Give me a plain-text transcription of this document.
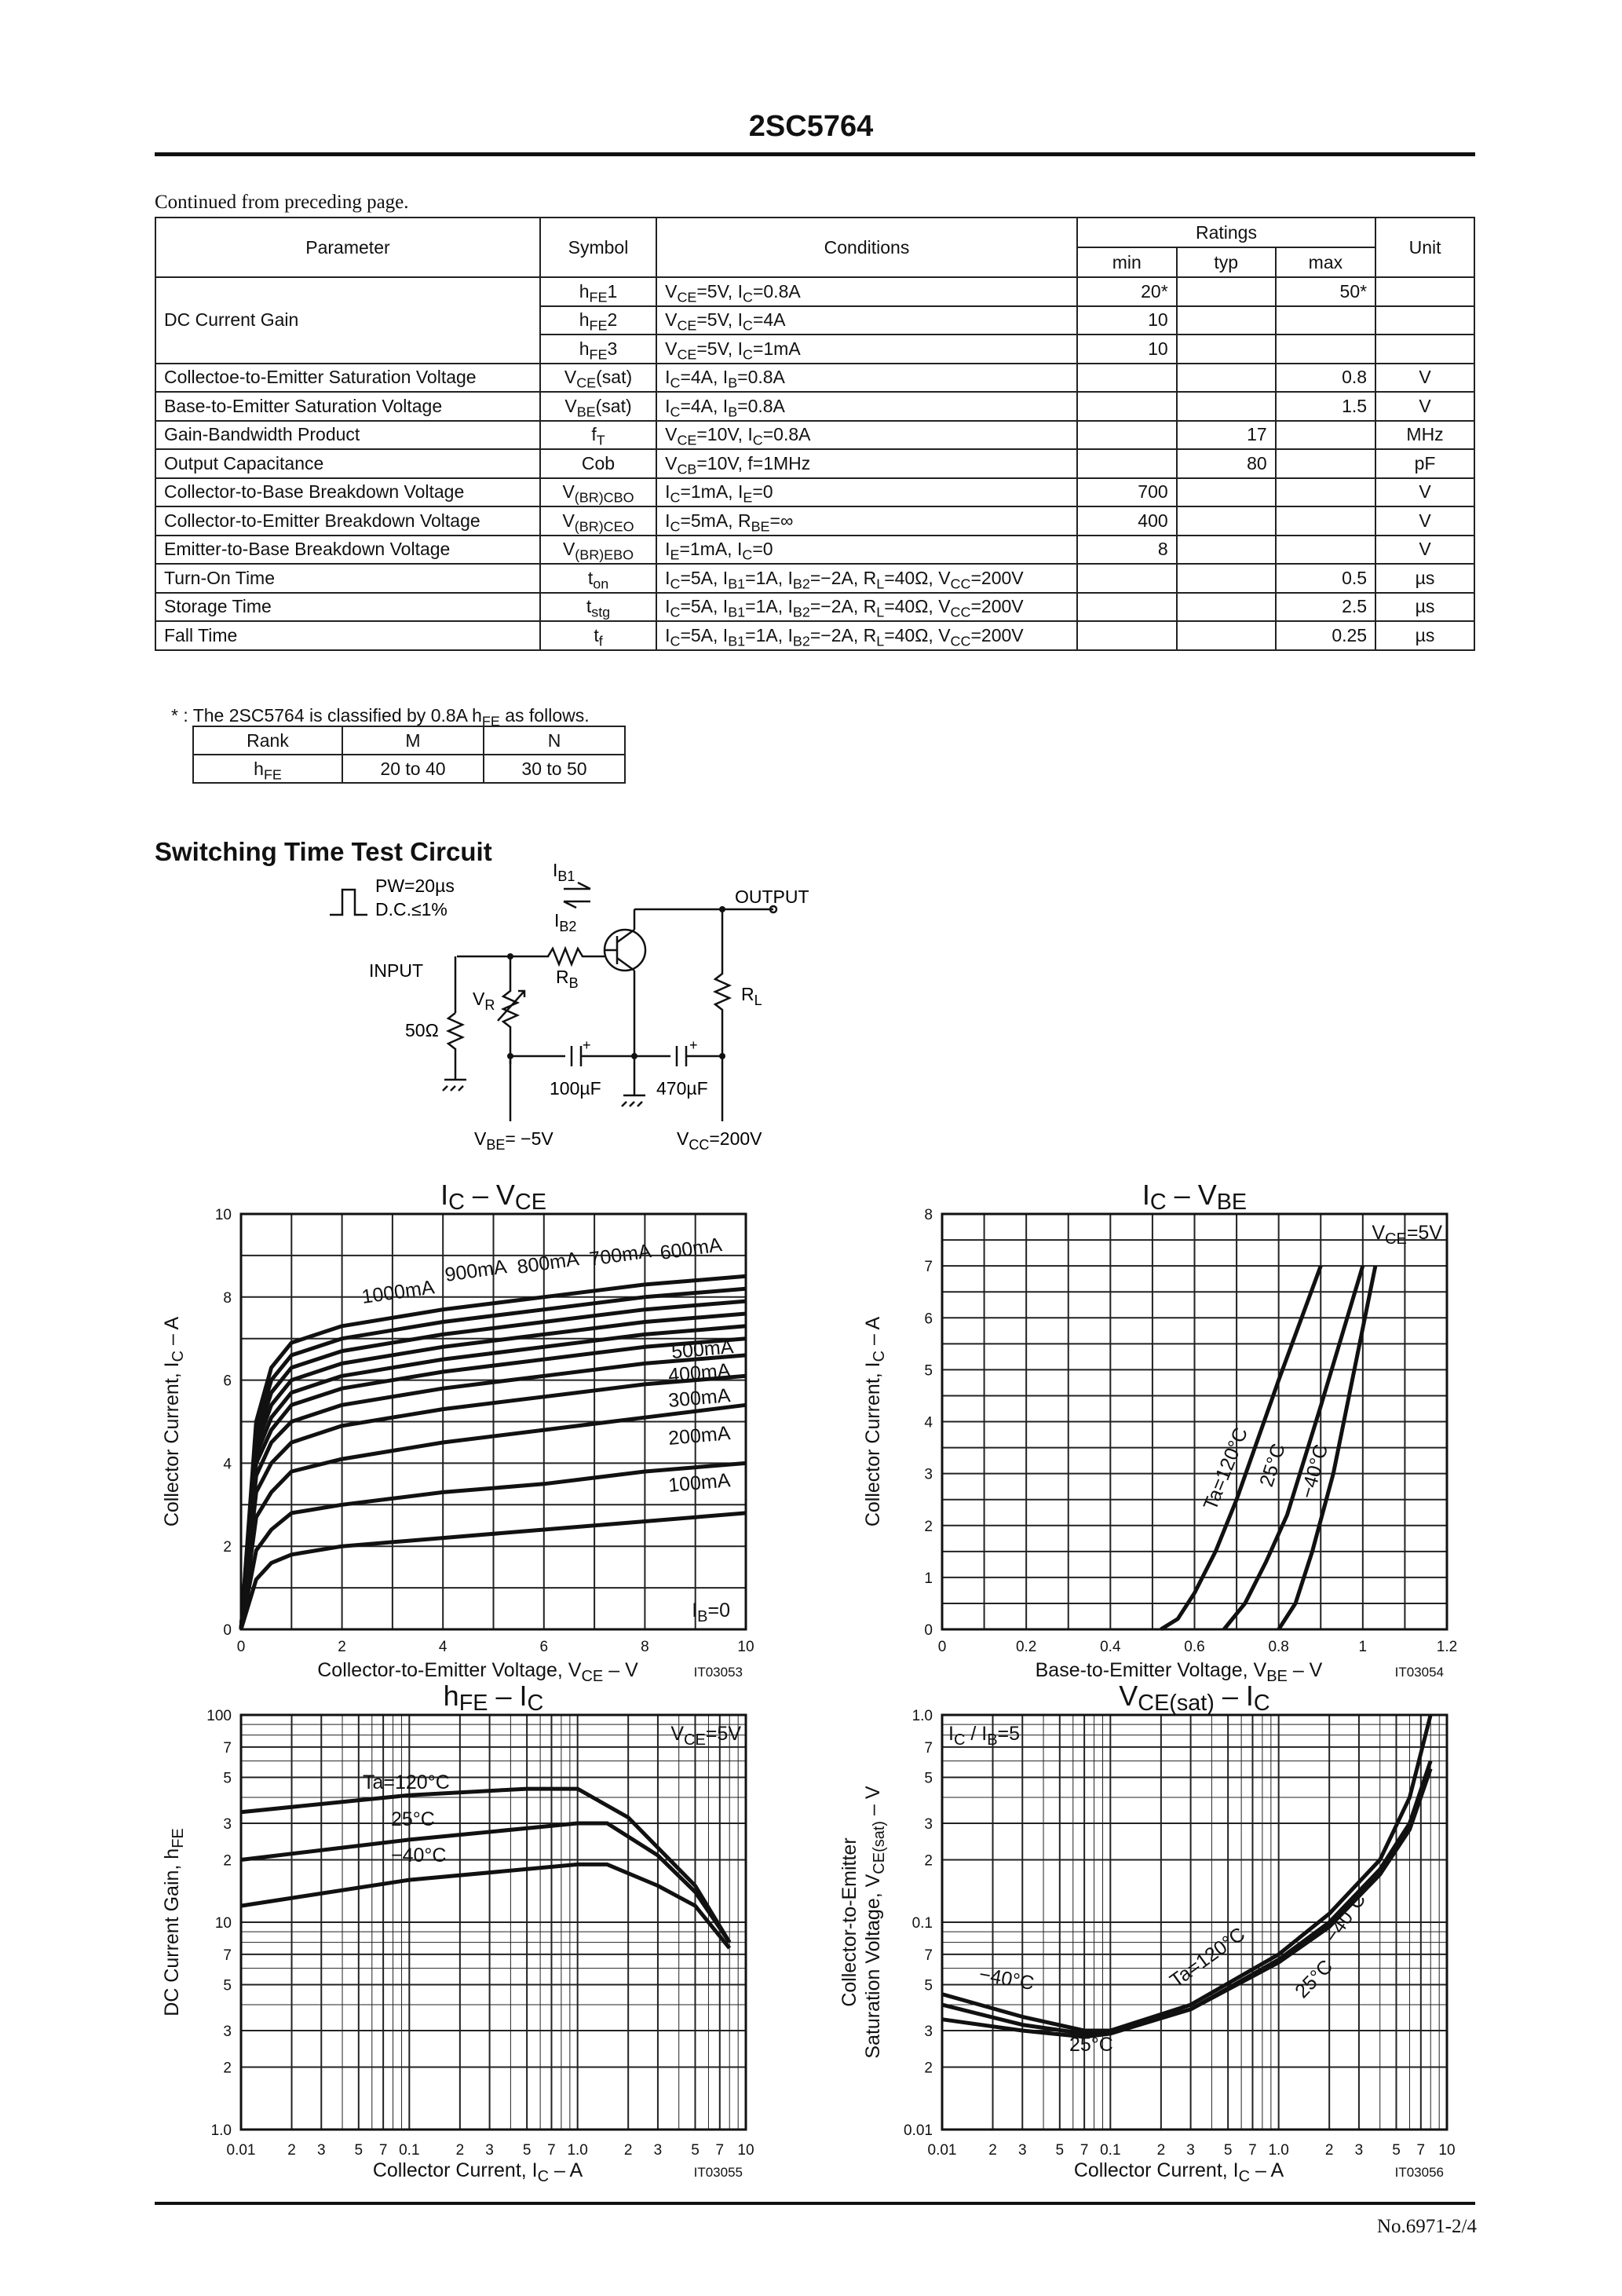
2SC5764
Continued from preceding page.
Parameter	Symbol	Conditions	Ratings			Unit
			min	typ	max	
DC Current Gain	$h_{FE}1$	$V_{CE}=5V$, $I_C=0.8A$	20*		50*	
	$h_{FE}2$	$V_{CE}=5V$, $I_C=4A$	10			
	$h_{FE}3$	$V_{CE}=5V$, $I_C=1mA$	10			
Collectoe-to-Emitter Saturation Voltage	$V_{CE}(sat)$	$I_C=4A$, $I_B=0.8A$			0.8	V
Base-to-Emitter Saturation Voltage	$V_{BE}(sat)$	$I_C=4A$, $I_B=0.8A$			1.5	V
Gain-Bandwidth Product	$f_T$	$V_{CE}=10V$, $I_C=0.8A$		17		MHz
Output Capacitance	Cob	$V_{CB}=10V$, f=1MHz		80		pF
Collector-to-Base Breakdown Voltage	$V_{(BR)CBO}$	$I_C=1mA$, $I_E=0$	700			V
Collector-to-Emitter Breakdown Voltage	$V_{(BR)CEO}$	$I_C=5mA$, $R_{BE}=\infty$	400			V
Emitter-to-Base Breakdown Voltage	$V_{(BR)EBO}$	$I_E=1mA$, $I_C=0$	8			V
Turn-On Time	$t_{on}$	$I_C=5A$, $I_{B1}=1A$, $I_{B2}=-2A$, $R_L=40\Omega$, $V_{CC}=200V$			0.5	µs
Storage Time	$t_{stg}$	$I_C=5A$, $I_{B1}=1A$, $I_{B2}=-2A$, $R_L=40\Omega$, $V_{CC}=200V$			2.5	µs
Fall Time	$t_f$	$I_C=5A$, $I_{B1}=1A$, $I_{B2}=-2A$, $R_L=40\Omega$, $V_{CC}=200V$			0.25	µs
* : The 2SC5764 is classified by 0.8A $h_{FE}$ as follows.
Rank	M	N
$h_{FE}$	20 to 40	30 to 50
Switching Time Test Circuit
PW=20µs
D.C.≤1%
$I_{B1}$
$I_{B2}$
OUTPUT
INPUT	$R_B$
$R_L$
$V_R$
50Ω
100µF	470µF
+	+
$V_{BE}= -5V$	$V_{CC}=200V$
0	2	4	6	8	10
0
2
4
6
8
10
1000mA
900mA 800mA 700mA 600mA
500mA
400mA
300mA
200mA
100mA
IC – VCE
Collector-to-Emitter Voltage, $V_{CE}$ – V	IT03053
Collector Current, $I_C$ – A
$I_B=0$
0	0.2	0.4	0.6	0.8	1	1.2
0
1
2
3
4
5
6
7
8
Ta=120°C 25°C −40°C
IC – VBE
Base-to-Emitter Voltage, $V_{BE}$ – V	IT03054
Collector Current, $I_C$ – A
$V_{CE}=5V$
0.01 2 3 5 7 0.1 2 3 5 7 1.0 2 3 5 7 10
1.0
2
3
5
7
10
2
3
5
7
100
Ta=120°C
25°C
−40°C
hFE – IC
Collector Current, $I_C$ – A	IT03055
DC Current Gain, $h_{FE}$
$V_{CE}=5V$
0.01 2 3 5 7 0.1 2 3 5 7 1.0 2 3 5 7 10
0.01
2
3
5
7
0.1
2
3
5
7
1.0
Ta=120°C 25°C
−40°C
−40°C
25°C
VCE(sat) – IC
Collector Current, $I_C$ – A	IT03056
Collector-to-Emitter Saturation Voltage, $V_{CE(sat)}$ – V
$I_C / I_B=5$
No.6971-2/4
